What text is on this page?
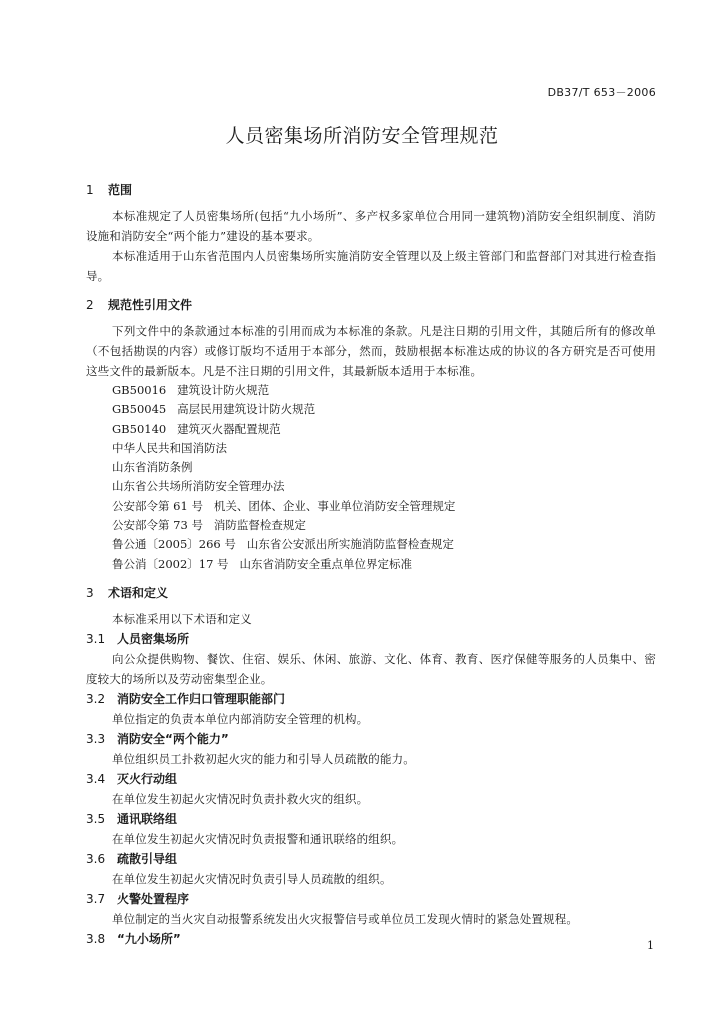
DB37/T 653－2006
人员密集场所消防安全管理规范

1 范围

本标准规定了人员密集场所(包括“九小场所”、多产权多家单位合用同一建筑物)消防安全组织制度、消防设施和消防安全“两个能力”建设的基本要求。

本标准适用于山东省范围内人员密集场所实施消防安全管理以及上级主管部门和监督部门对其进行检查指导。

2 规范性引用文件

下列文件中的条款通过本标准的引用而成为本标准的条款。凡是注日期的引用文件，其随后所有的修改单（不包括勘误的内容）或修订版均不适用于本部分，然而，鼓励根据本标准达成的协议的各方研究是否可使用这些文件的最新版本。凡是不注日期的引用文件，其最新版本适用于本标准。

GB50016   建筑设计防火规范

GB50045   高层民用建筑设计防火规范

GB50140   建筑灭火器配置规范

中华人民共和国消防法

山东省消防条例

山东省公共场所消防安全管理办法

公安部令第 61 号   机关、团体、企业、事业单位消防安全管理规定

公安部令第 73 号   消防监督检查规定

鲁公通〔2005〕266 号   山东省公安派出所实施消防监督检查规定

鲁公消〔2002〕17 号   山东省消防安全重点单位界定标准

3 术语和定义

本标准采用以下术语和定义

3.1 人员密集场所

向公众提供购物、餐饮、住宿、娱乐、休闲、旅游、文化、体育、教育、医疗保健等服务的人员集中、密度较大的场所以及劳动密集型企业。

3.2 消防安全工作归口管理职能部门

单位指定的负责本单位内部消防安全管理的机构。

3.3 消防安全“两个能力”

单位组织员工扑救初起火灾的能力和引导人员疏散的能力。

3.4 灭火行动组

在单位发生初起火灾情况时负责扑救火灾的组织。

3.5 通讯联络组

在单位发生初起火灾情况时负责报警和通讯联络的组织。

3.6 疏散引导组

在单位发生初起火灾情况时负责引导人员疏散的组织。

3.7 火警处置程序

单位制定的当火灾自动报警系统发出火灾报警信号或单位员工发现火情时的紧急处置规程。

3.8 “九小场所”	1
